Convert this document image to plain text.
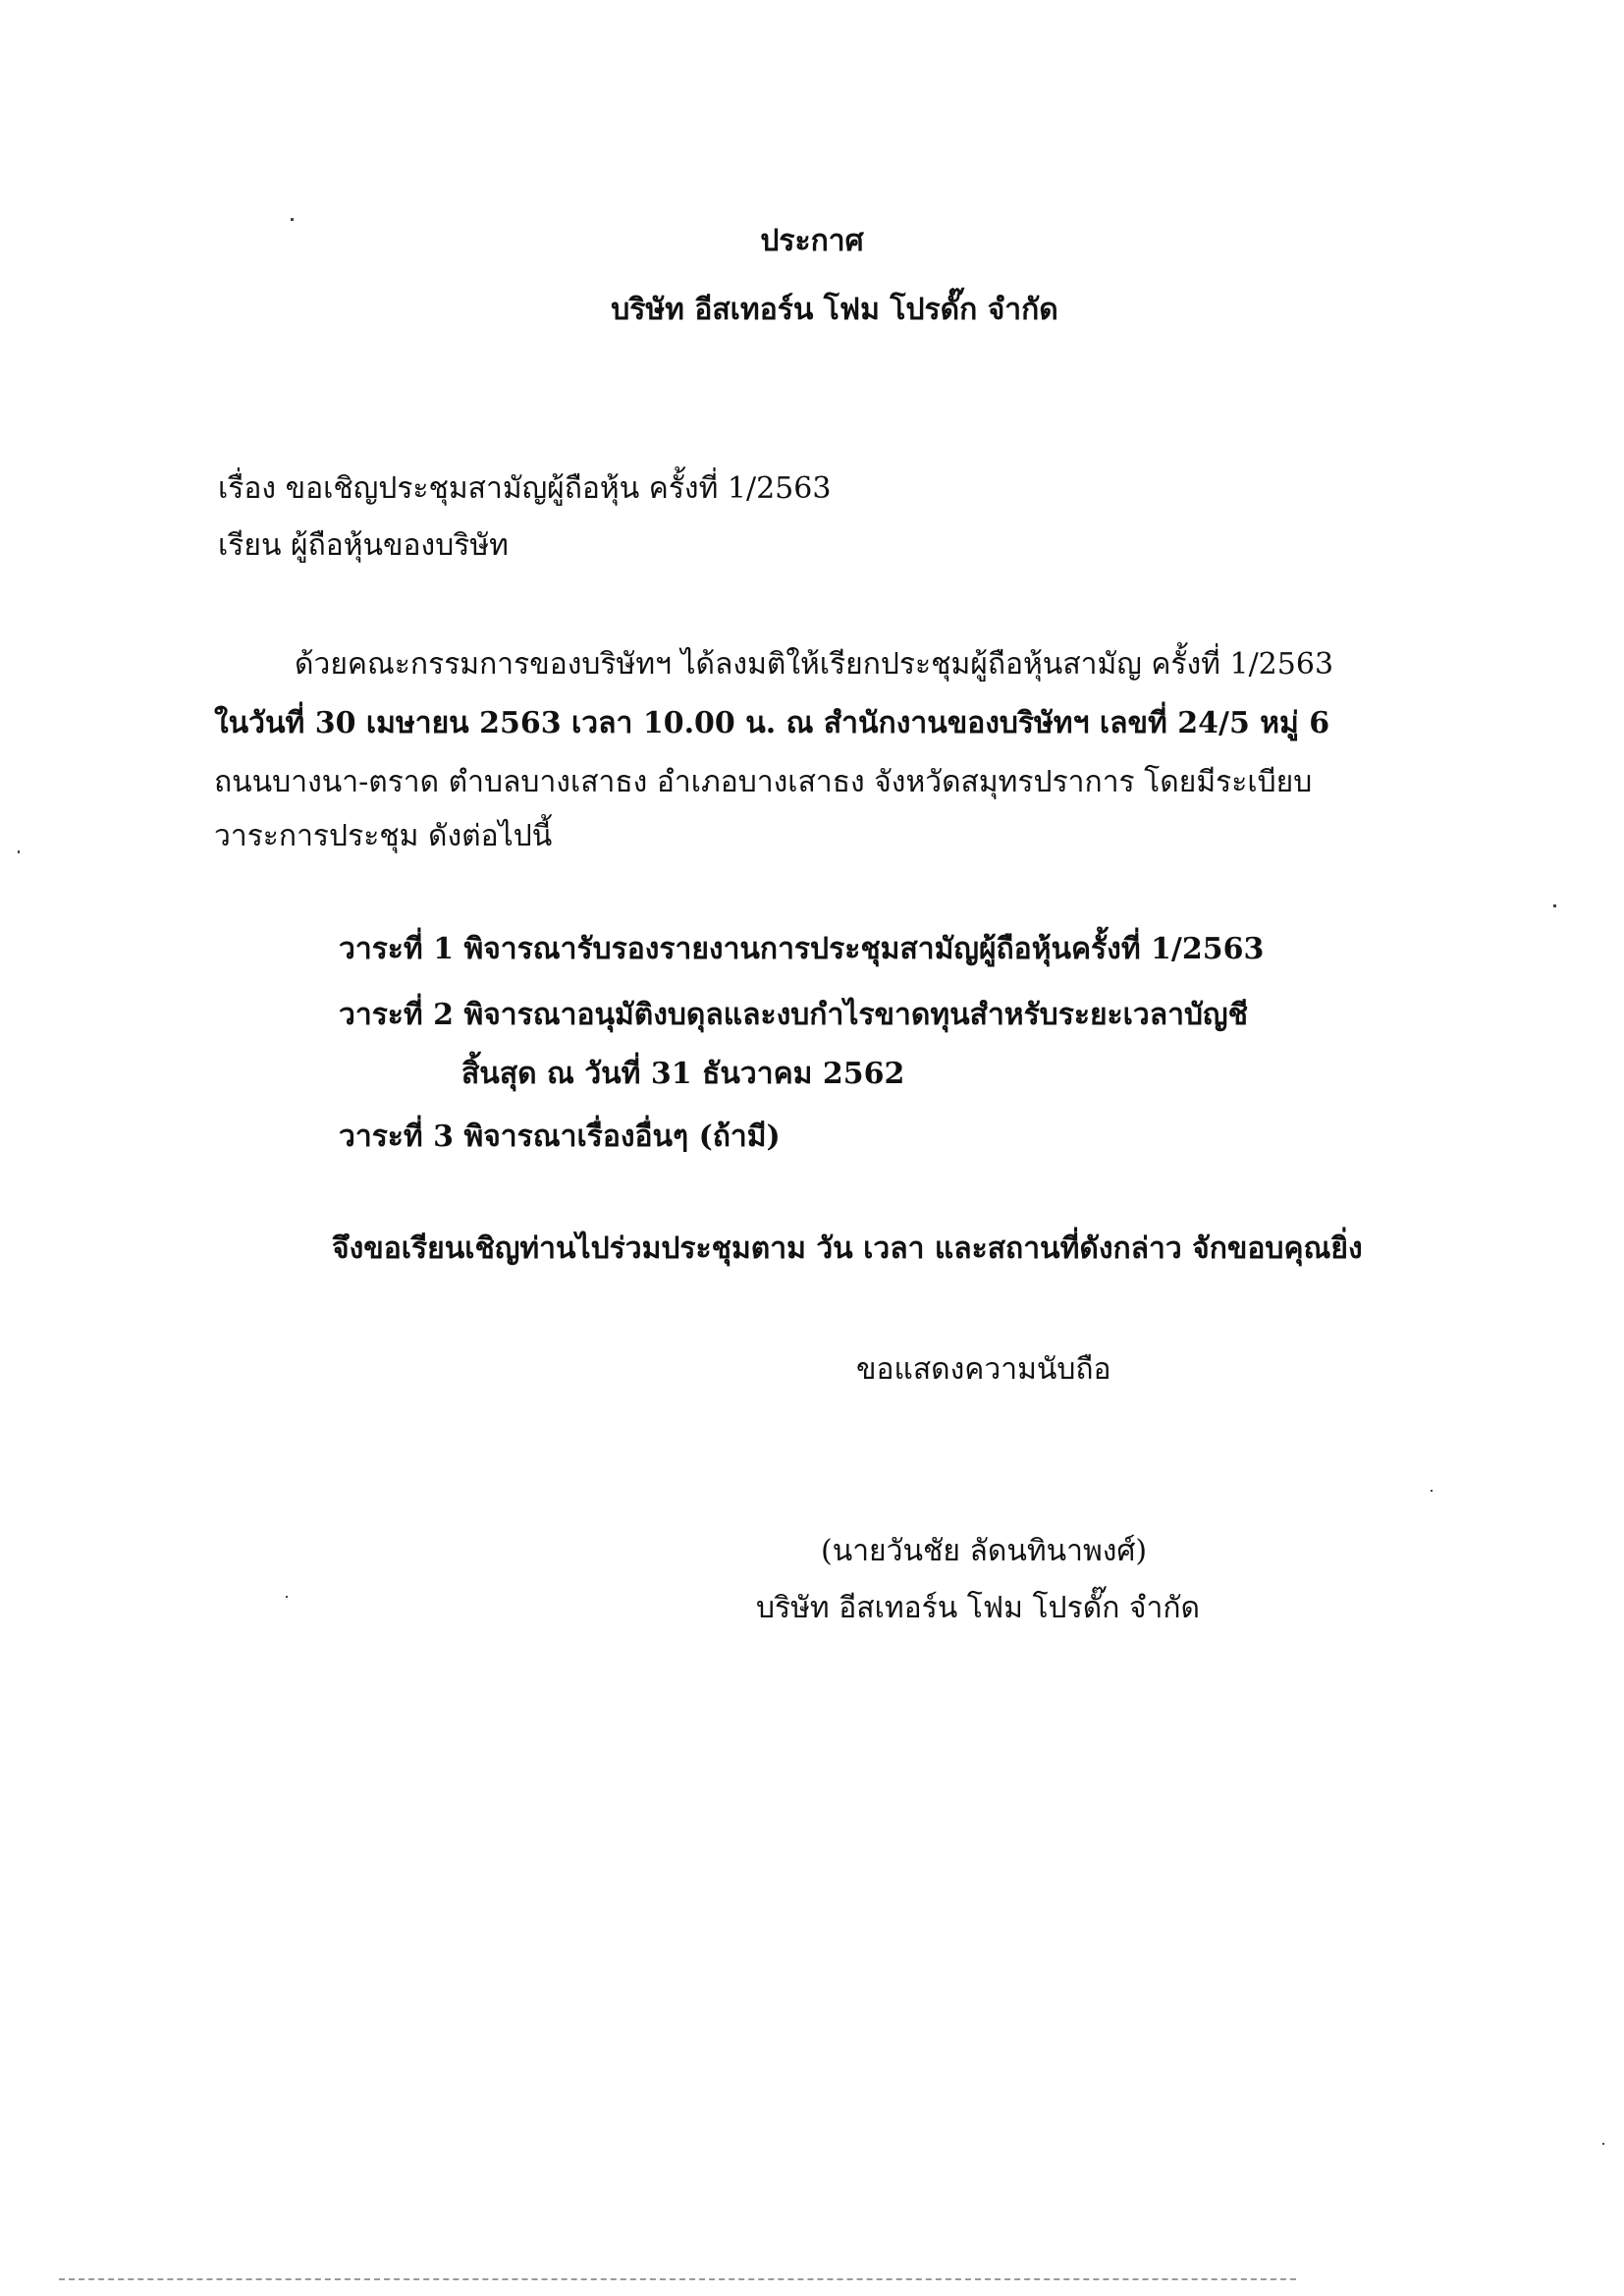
ประกาศ
บริษัท อีสเทอร์น โฟม โปรดั๊ก จำกัด
เรื่อง ขอเชิญประชุมสามัญผู้ถือหุ้น ครั้งที่ 1/2563
เรียน ผู้ถือหุ้นของบริษัท
ด้วยคณะกรรมการของบริษัทฯ ได้ลงมติให้เรียกประชุมผู้ถือหุ้นสามัญ ครั้งที่ 1/2563
ในวันที่ 30 เมษายน 2563 เวลา 10.00 น. ณ สำนักงานของบริษัทฯ เลขที่ 24/5 หมู่ 6
ถนนบางนา-ตราด ตำบลบางเสาธง อำเภอบางเสาธง จังหวัดสมุทรปราการ โดยมีระเบียบ
วาระการประชุม ดังต่อไปนี้
วาระที่ 1 พิจารณารับรองรายงานการประชุมสามัญผู้ถือหุ้นครั้งที่ 1/2563
วาระที่ 2 พิจารณาอนุมัติงบดุลและงบกำไรขาดทุนสำหรับระยะเวลาบัญชี
สิ้นสุด ณ วันที่ 31 ธันวาคม 2562
วาระที่ 3 พิจารณาเรื่องอื่นๆ (ถ้ามี)
จึงขอเรียนเชิญท่านไปร่วมประชุมตาม วัน เวลา และสถานที่ดังกล่าว จักขอบคุณยิ่ง
ขอแสดงความนับถือ
(นายวันชัย ลัดนทินาพงศ์)
บริษัท อีสเทอร์น โฟม โปรดั๊ก จำกัด
